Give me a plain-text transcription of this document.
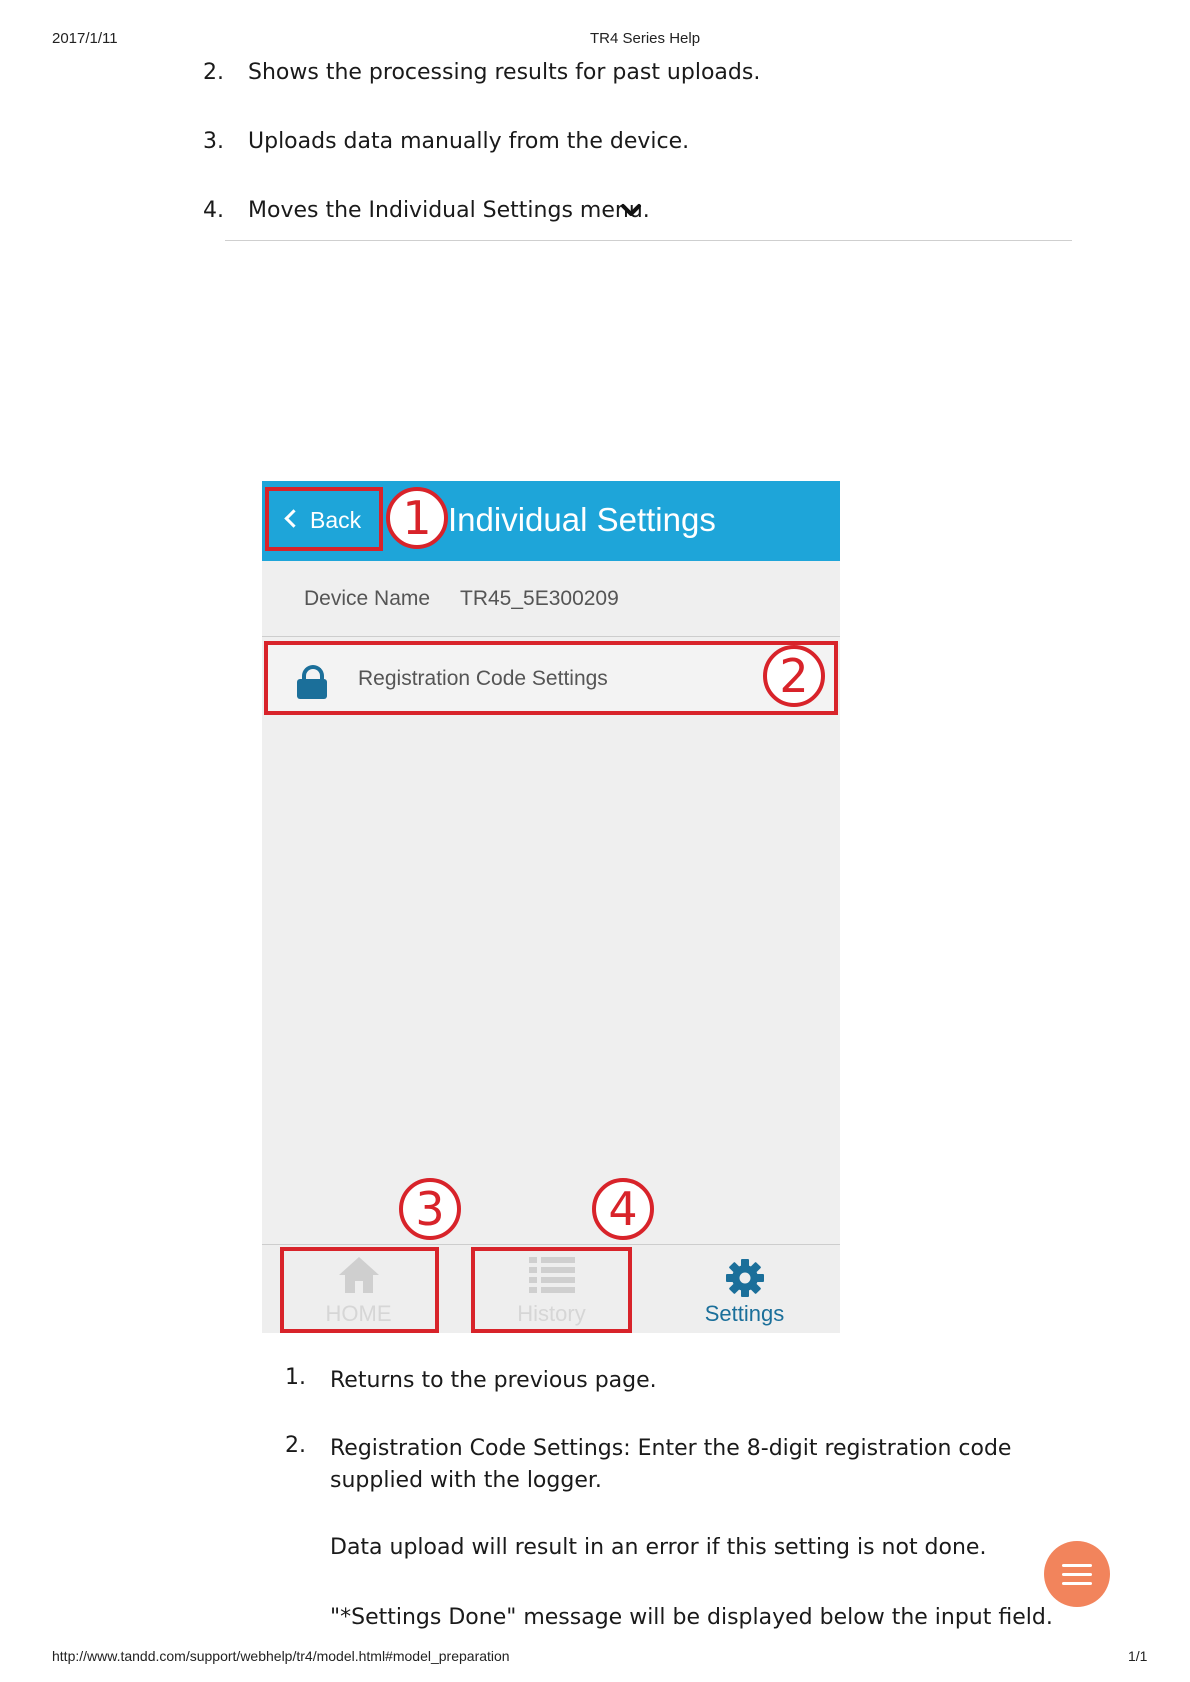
2017/1/11	TR4 Series Help
2. Shows the processing results for past uploads.
3. Uploads data manually from the device.
4. Moves the Individual Settings menu.
Individual Settings
Back 1
Device Name TR45_5E300209
Registration Code Settings	2
3	4
HOME	History	Settings
1. Returns to the previous page.
2. Registration Code Settings: Enter the 8-digit registration code supplied with the logger.
Data upload will result in an error if this setting is not done.
"*Settings Done" message will be displayed below the input field.
http://www.tandd.com/support/webhelp/tr4/model.html#model_preparation	1/1
